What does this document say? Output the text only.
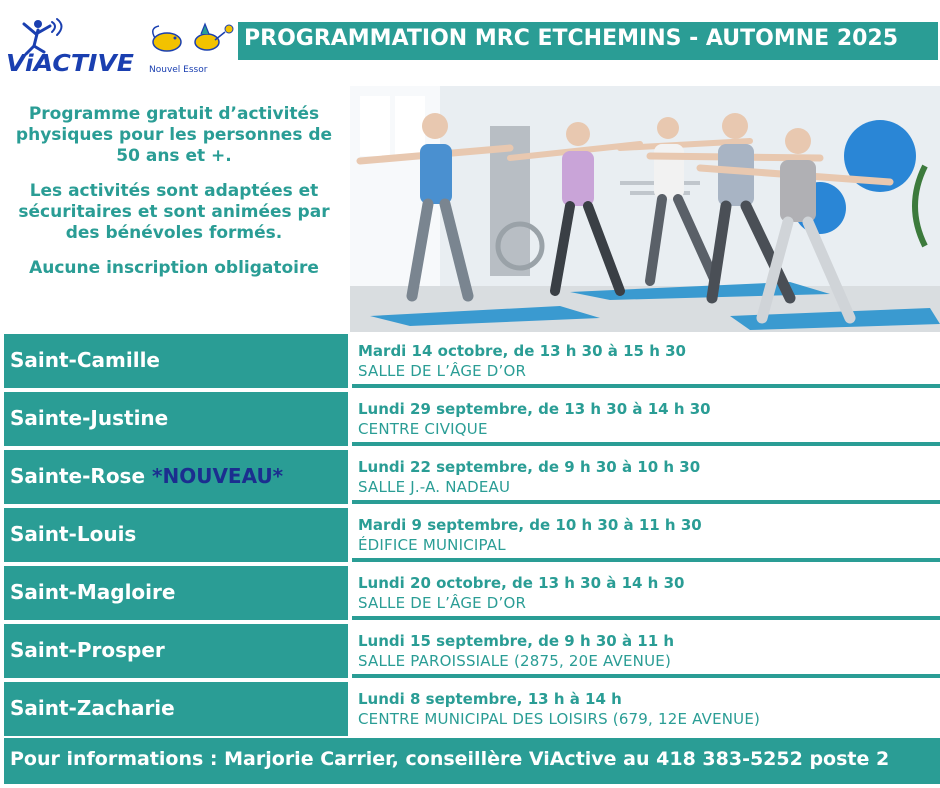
ViACTIVE Nouvel Essor
PROGRAMMATION MRC ETCHEMINS - AUTOMNE 2025

Programme gratuit d’activités physiques pour les personnes de 50 ans et +.

Les activités sont adaptées et sécuritaires et sont animées par des bénévoles formés.

Aucune inscription obligatoire

Saint-Camille	Mardi 14 octobre, de 13 h 30 à 15 h 30
SALLE DE L’ÂGE D’OR
Sainte-Justine	Lundi 29 septembre, de 13 h 30 à 14 h 30
CENTRE CIVIQUE
Sainte-Rose *NOUVEAU*	Lundi 22 septembre, de 9 h 30 à 10 h 30
SALLE J.-A. NADEAU
Saint-Louis	Mardi 9 septembre, de 10 h 30 à 11 h 30
ÉDIFICE MUNICIPAL
Saint-Magloire	Lundi 20 octobre, de 13 h 30 à 14 h 30
SALLE DE L’ÂGE D’OR
Saint-Prosper	Lundi 15 septembre, de 9 h 30 à 11 h
SALLE PAROISSIALE (2875, 20E AVENUE)
Saint-Zacharie	Lundi 8 septembre, 13 h à 14 h
CENTRE MUNICIPAL DES LOISIRS (679, 12E AVENUE)
Pour informations : Marjorie Carrier, conseillère ViActive au 418 383-5252 poste 2
